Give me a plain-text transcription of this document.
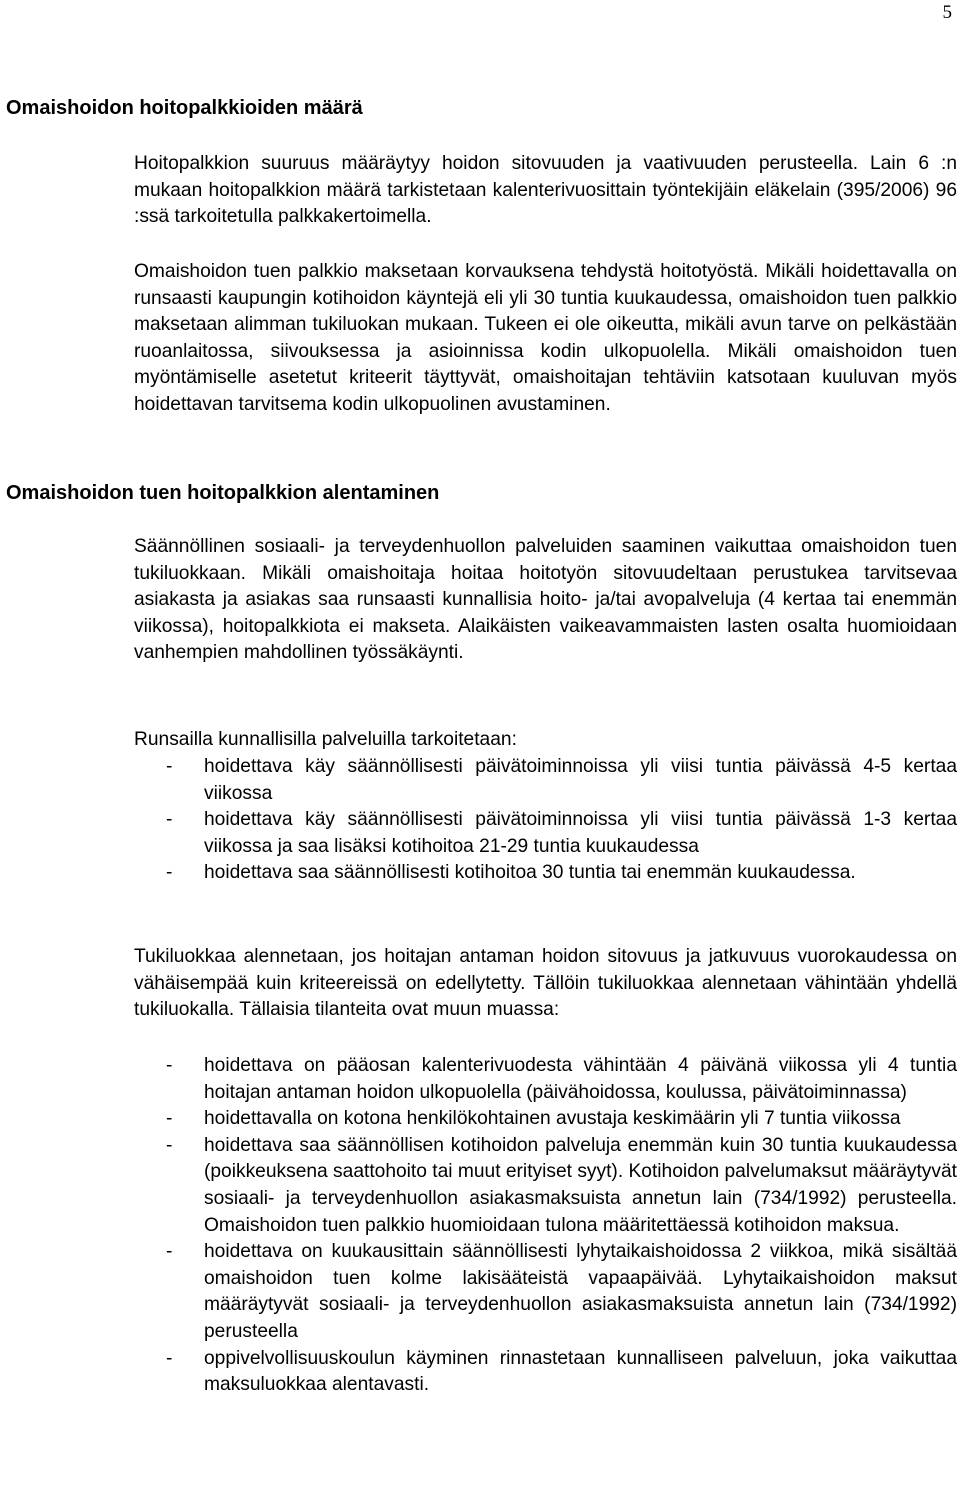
5
Omaishoidon hoitopalkkioiden määrä

Hoitopalkkion suuruus määräytyy hoidon sitovuuden ja vaativuuden perusteella. Lain 6 :n mukaan hoitopalkkion määrä tarkistetaan kalenterivuosittain työntekijäin eläkelain (395/2006) 96 :ssä tarkoitetulla palkkakertoimella.

Omaishoidon tuen palkkio maksetaan korvauksena tehdystä hoitotyöstä. Mikäli hoidettavalla on runsaasti kaupungin kotihoidon käyntejä eli yli 30 tuntia kuukaudessa, omaishoidon tuen palkkio maksetaan alimman tukiluokan mukaan. Tukeen ei ole oikeutta, mikäli avun tarve on pelkästään ruoanlaitossa, siivouksessa ja asioinnissa kodin ulkopuolella. Mikäli omaishoidon tuen myöntämiselle asetetut kriteerit täyttyvät, omaishoitajan tehtäviin katsotaan kuuluvan myös hoidettavan tarvitsema kodin ulkopuolinen avustaminen.

Omaishoidon tuen hoitopalkkion alentaminen

Säännöllinen sosiaali- ja terveydenhuollon palveluiden saaminen vaikuttaa omaishoidon tuen tukiluokkaan. Mikäli omaishoitaja hoitaa hoitotyön sitovuudeltaan perustukea tarvitsevaa asiakasta ja asiakas saa runsaasti kunnallisia hoito- ja/tai avopalveluja (4 kertaa tai enemmän viikossa), hoitopalkkiota ei makseta. Alaikäisten vaikeavammaisten lasten osalta huomioidaan vanhempien mahdollinen työssäkäynti.

Runsailla kunnallisilla palveluilla tarkoitetaan:

- hoidettava käy säännöllisesti päivätoiminnoissa yli viisi tuntia päivässä 4-5 kertaa viikossa
- hoidettava käy säännöllisesti päivätoiminnoissa yli viisi tuntia päivässä 1-3 kertaa viikossa ja saa lisäksi kotihoitoa 21-29 tuntia kuukaudessa
- hoidettava saa säännöllisesti kotihoitoa 30 tuntia tai enemmän kuukaudessa.

Tukiluokkaa alennetaan, jos hoitajan antaman hoidon sitovuus ja jatkuvuus vuorokaudessa on vähäisempää kuin kriteereissä on edellytetty. Tällöin tukiluokkaa alennetaan vähintään yhdellä tukiluokalla. Tällaisia tilanteita ovat muun muassa:

- hoidettava on pääosan kalenterivuodesta vähintään 4 päivänä viikossa yli 4 tuntia hoitajan antaman hoidon ulkopuolella (päivähoidossa, koulussa, päivätoiminnassa)
- hoidettavalla on kotona henkilökohtainen avustaja keskimäärin yli 7 tuntia viikossa
- hoidettava saa säännöllisen kotihoidon palveluja enemmän kuin 30 tuntia kuukaudessa (poikkeuksena saattohoito tai muut erityiset syyt). Kotihoidon palvelumaksut määräytyvät sosiaali- ja terveydenhuollon asiakasmaksuista annetun lain (734/1992) perusteella. Omaishoidon tuen palkkio huomioidaan tulona määritettäessä kotihoidon maksua.
- hoidettava on kuukausittain säännöllisesti lyhytaikaishoidossa 2 viikkoa, mikä sisältää omaishoidon tuen kolme lakisääteistä vapaapäivää. Lyhytaikaishoidon maksut määräytyvät sosiaali- ja terveydenhuollon asiakasmaksuista annetun lain (734/1992) perusteella
- oppivelvollisuuskoulun käyminen rinnastetaan kunnalliseen palveluun, joka vaikuttaa maksuluokkaa alentavasti.
